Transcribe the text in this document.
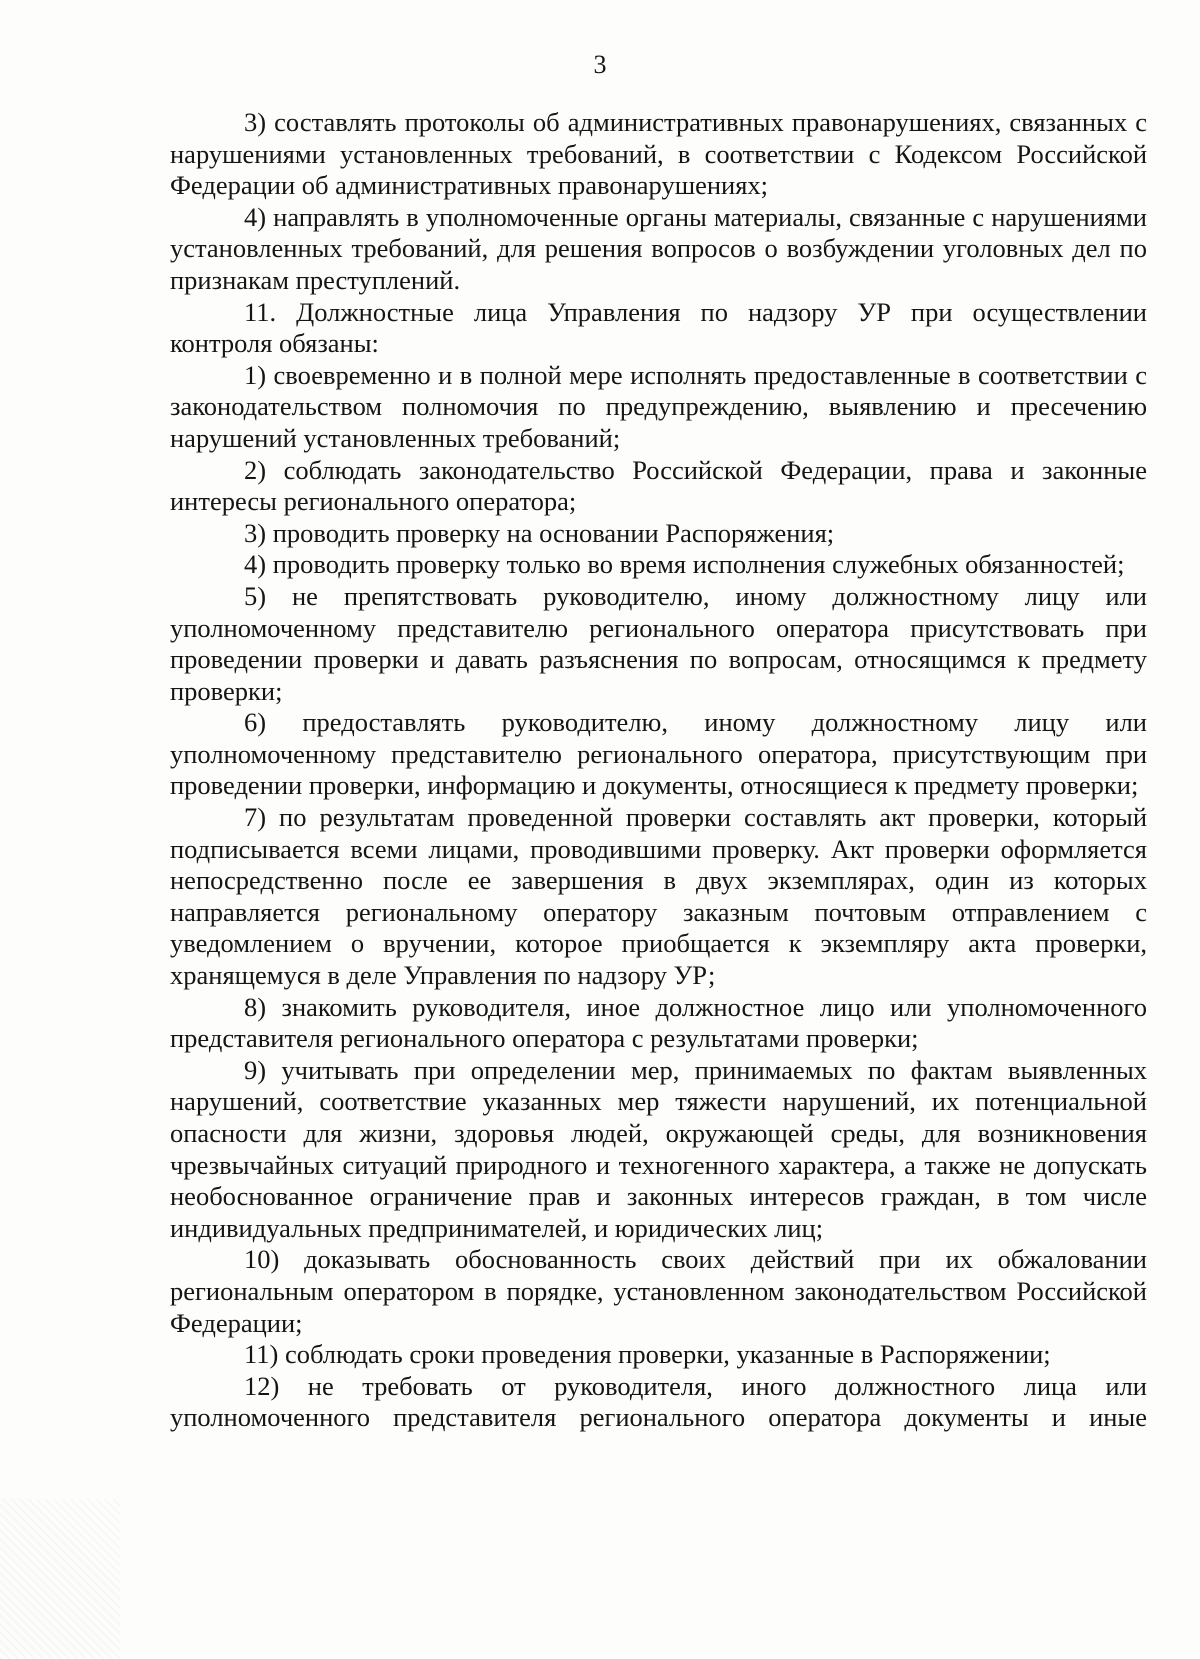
3

3) составлять протоколы об административных правонарушениях, связанных с нарушениями установленных требований, в соответствии с Кодексом Российской Федерации об административных правонарушениях;

4) направлять в уполномоченные органы материалы, связанные с нарушениями установленных требований, для решения вопросов о возбуждении уголовных дел по признакам преступлений.

11. Должностные лица Управления по надзору УР при осуществлении контроля обязаны:

1) своевременно и в полной мере исполнять предоставленные в соответствии с законодательством полномочия по предупреждению, выявлению и пресечению нарушений установленных требований;

2) соблюдать законодательство Российской Федерации, права и законные интересы регионального оператора;

3) проводить проверку на основании Распоряжения;

4) проводить проверку только во время исполнения служебных обязанностей;

5) не препятствовать руководителю, иному должностному лицу или уполномоченному представителю регионального оператора присутствовать при проведении проверки и давать разъяснения по вопросам, относящимся к предмету проверки;

6) предоставлять руководителю, иному должностному лицу или уполномоченному представителю регионального оператора, присутствующим при проведении проверки, информацию и документы, относящиеся к предмету проверки;

7) по результатам проведенной проверки составлять акт проверки, который подписывается всеми лицами, проводившими проверку. Акт проверки оформляется непосредственно после ее завершения в двух экземплярах, один из которых направляется региональному оператору заказным почтовым отправлением с уведомлением о вручении, которое приобщается к экземпляру акта проверки, хранящемуся в деле Управления по надзору УР;

8) знакомить руководителя, иное должностное лицо или уполномоченного представителя регионального оператора с результатами проверки;

9) учитывать при определении мер, принимаемых по фактам выявленных нарушений, соответствие указанных мер тяжести нарушений, их потенциальной опасности для жизни, здоровья людей, окружающей среды, для возникновения чрезвычайных ситуаций природного и техногенного характера, а также не допускать необоснованное ограничение прав и законных интересов граждан, в том числе индивидуальных предпринимателей, и юридических лиц;

10) доказывать обоснованность своих действий при их обжаловании региональным оператором в порядке, установленном законодательством Российской Федерации;

11) соблюдать сроки проведения проверки, указанные в Распоряжении;

12) не требовать от руководителя, иного должностного лица или уполномоченного представителя регионального оператора документы и иные
